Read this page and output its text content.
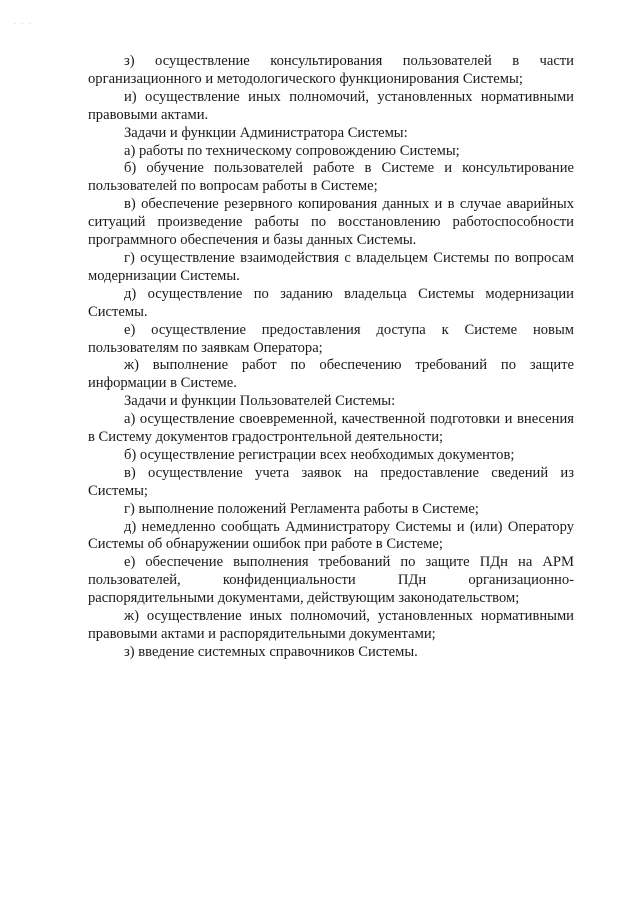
. . .

з) осуществление консультирования пользователей в части организационного и методологического функционирования Системы;

и) осуществление иных полномочий, установленных нормативными правовыми актами.

Задачи и функции Администратора Системы:

а) работы по техническому сопровождению Системы;

б) обучение пользователей работе в Системе и консультирование пользователей по вопросам работы в Системе;

в) обеспечение резервного копирования данных и в случае аварийных ситуаций произведение работы по восстановлению работоспособности программного обеспечения и базы данных Системы.

г) осуществление взаимодействия с владельцем Системы по вопросам модернизации Системы.

д) осуществление по заданию владельца Системы модернизации Системы.

е) осуществление предоставления доступа к Системе новым пользователям по заявкам Оператора;

ж) выполнение работ по обеспечению требований по защите информации в Системе.

Задачи и функции Пользователей Системы:

а) осуществление своевременной, качественной подготовки и внесения в Систему документов градостронтельной деятельности;

б) осуществление регистрации всех необходимых документов;

в) осуществление учета заявок на предоставление сведений из Системы;

г) выполнение положений Регламента работы в Системе;

д) немедленно сообщать Администратору Системы и (или) Оператору Системы об обнаружении ошибок при работе в Системе;

е) обеспечение выполнения требований по защите ПДн на АРМ пользователей, конфиденциальности ПДн организационно-распорядительными документами, действующим законодательством;

ж) осуществление иных полномочий, установленных нормативными правовыми актами и распорядительными документами;

з) введение системных справочников Системы.
